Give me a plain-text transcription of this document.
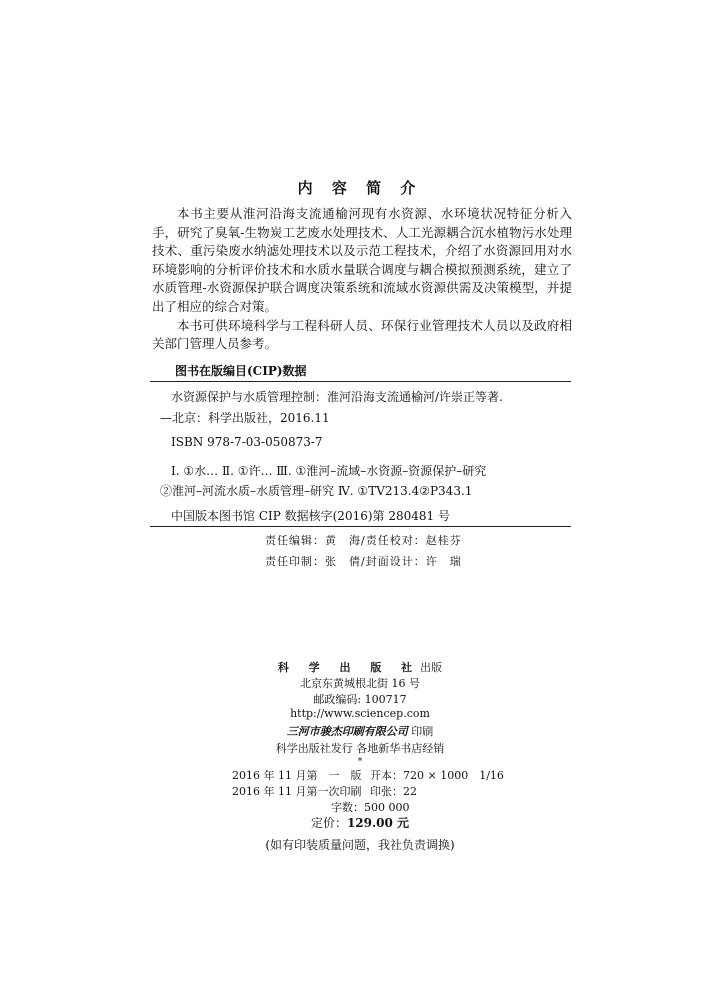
内 容 简 介

本书主要从淮河沿海支流通榆河现有水资源、水环境状况特征分析入手，研究了臭氧-生物炭工艺废水处理技术、人工光源耦合沉水植物污水处理技术、重污染废水纳滤处理技术以及示范工程技术，介绍了水资源回用对水环境影响的分析评价技术和水质水量联合调度与耦合模拟预测系统，建立了水质管理-水资源保护联合调度决策系统和流域水资源供需及决策模型，并提出了相应的综合对策。

本书可供环境科学与工程科研人员、环保行业管理技术人员以及政府相关部门管理人员参考。

图书在版编目(CIP)数据
水资源保护与水质管理控制：淮河沿海支流通榆河/许崇正等著.
—北京：科学出版社，2016.11
ISBN 978-7-03-050873-7
Ⅰ. ①水… Ⅱ. ①许… Ⅲ. ①淮河–流域–水资源–资源保护–研究
②淮河–河流水质–水质管理–研究 Ⅳ. ①TV213.4②P343.1
中国版本图书馆 CIP 数据核字(2016)第 280481 号
责任编辑：黄　海/责任校对：赵桂芬
责任印制：张　倩/封面设计：许　瑞
科 学 出 版 社出版
北京东黄城根北街 16 号
邮政编码: 100717
http://www.sciencep.com
三河市骏杰印刷有限公司 印刷
科学出版社发行 各地新华书店经销
*
2016 年 11 月第　一　版 开本：720 × 1000　1/16
2016 年 11 月第一次印刷 印张：22
字数：500 000
定价：129.00 元
(如有印装质量问题，我社负责调换)
